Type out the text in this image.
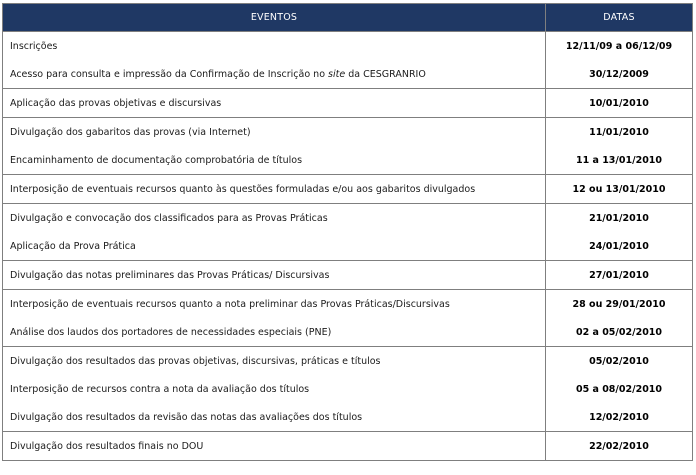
EVENTOS	DATAS
Inscrições	12/11/09 a 06/12/09
Acesso para consulta e impressão da Confirmação de Inscrição no site da CESGRANRIO	30/12/2009
Aplicação das provas objetivas e discursivas	10/01/2010
Divulgação dos gabaritos das provas (via Internet)	11/01/2010
Encaminhamento de documentação comprobatória de títulos	11 a 13/01/2010
Interposição de eventuais recursos quanto às questões formuladas e/ou aos gabaritos divulgados	12 ou 13/01/2010
Divulgação e convocação dos classificados para as Provas Práticas	21/01/2010
Aplicação da Prova Prática	24/01/2010
Divulgação das notas preliminares das Provas Práticas/ Discursivas	27/01/2010
Interposição de eventuais recursos quanto a nota preliminar das Provas Práticas/Discursivas	28 ou 29/01/2010
Análise dos laudos dos portadores de necessidades especiais (PNE)	02 a 05/02/2010
Divulgação dos resultados das provas objetivas, discursivas, práticas e títulos	05/02/2010
Interposição de recursos contra a nota da avaliação dos títulos	05 a 08/02/2010
Divulgação dos resultados da revisão das notas das avaliações dos títulos	12/02/2010
Divulgação dos resultados finais no DOU	22/02/2010
